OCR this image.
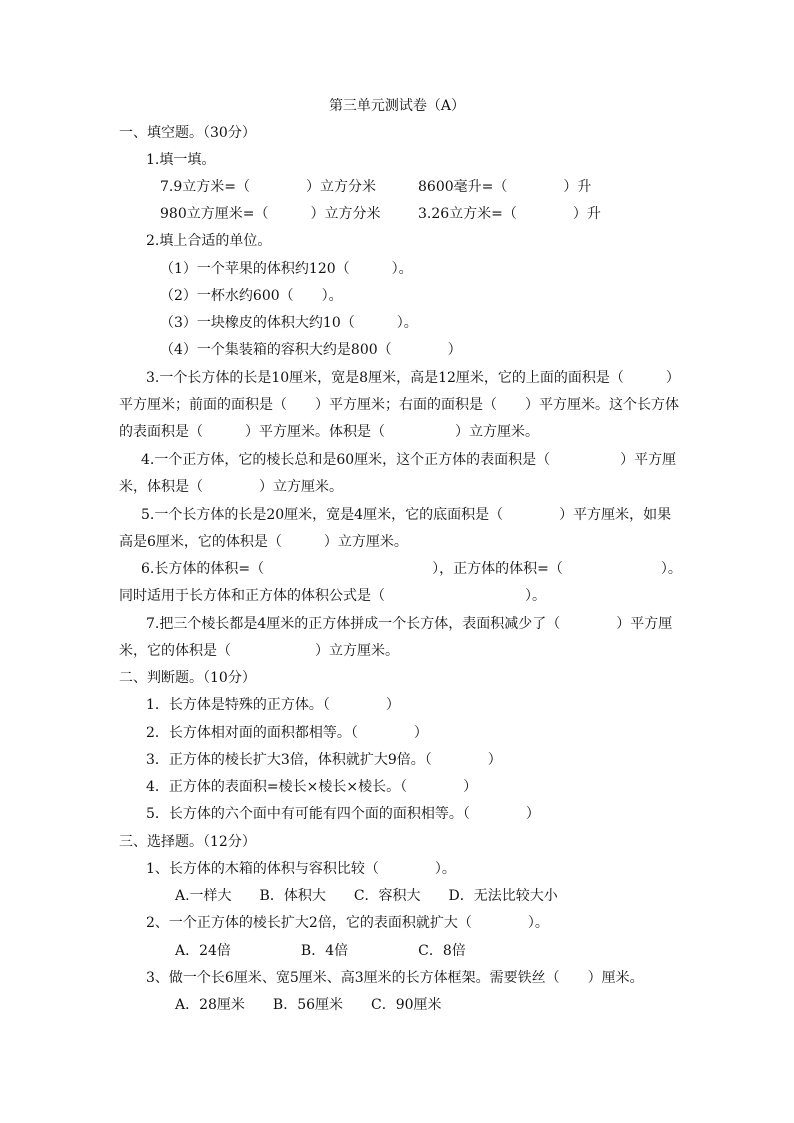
第三单元测试卷（A）
一、填空题。（30分）
1.填一填。
7.9立方米=（　　　　）立方分米	8600毫升=（　　　　）升
980立方厘米=（　　　）立方分米	3.26立方米=（　　　　）升
2.填上合适的单位。
（1）一个苹果的体积约120（　　　）。
（2）一杯水约600（　　）。
（3）一块橡皮的体积大约10（　　　）。
（4）一个集装箱的容积大约是800（　　　　）
3.一个长方体的长是10厘米，宽是8厘米，高是12厘米，它的上面的面积是（　　　）
平方厘米；前面的面积是（　　）平方厘米；右面的面积是（　　）平方厘米。这个长方体
的表面积是（　　　）平方厘米。体积是（　　　　　）立方厘米。
4.一个正方体，它的棱长总和是60厘米，这个正方体的表面积是（　　　　　）平方厘
米，体积是（　　　　）立方厘米。
5.一个长方体的长是20厘米，宽是4厘米，它的底面积是（　　　　）平方厘米，如果
高是6厘米，它的体积是（　　　）立方厘米。
6.长方体的体积=（　　　　　　　　　　　　），正方体的体积=（　　　　　　　）。
同时适用于长方体和正方体的体积公式是（　　　　　　　　　　）。
7.把三个棱长都是4厘米的正方体拼成一个长方体，表面积减少了（　　　　）平方厘
米，它的体积是（　　　　　　）立方厘米。
二、判断题。（10分）
1．长方体是特殊的正方体。（　　　　）
2．长方体相对面的面积都相等。（　　　　）
3．正方体的棱长扩大3倍，体积就扩大9倍。（　　　　）
4．正方体的表面积=棱长×棱长×棱长。（　　　　）
5．长方体的六个面中有可能有四个面的面积相等。（　　　　）
三、选择题。（12分）
1、长方体的木箱的体积与容积比较（　　　　）。
A.一样大　　B．体积大　　C．容积大　　D．无法比较大小
2、一个正方体的棱长扩大2倍，它的表面积就扩大（　　　　）。
A．24倍　　　　　B．4倍　　　　　C．8倍
3、做一个长6厘米、宽5厘米、高3厘米的长方体框架。需要铁丝（　　）厘米。
A．28厘米　　B．56厘米　　C．90厘米
